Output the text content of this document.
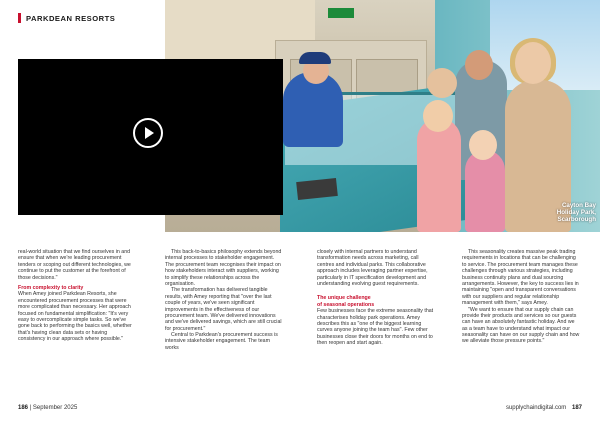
PARKDEAN RESORTS
Cayton Bay
Holiday Park,
Scarborough

real-world situation that we find ourselves in and ensure that when we're leading procurement tenders or scoping out different technologies, we continue to put the customer at the forefront of those decisions."

From complexity to clarity

When Amey joined Parkdean Resorts, she encountered procurement processes that were more complicated than necessary. Her approach focused on fundamental simplification: "It's very easy to overcomplicate simple tasks. So we've gone back to performing the basics well, whether that's having clean data sets or having consistency in our approach where possible."

This back-to-basics philosophy extends beyond internal processes to stakeholder engagement. The procurement team recognises their impact on how stakeholders interact with suppliers, working to simplify these relationships across the organisation.

The transformation has delivered tangible results, with Amey reporting that "over the last couple of years, we've seen significant improvements in the effectiveness of our procurement team. We've delivered innovations and we've delivered savings, which are still crucial for procurement."

Central to Parkdean's procurement success is intensive stakeholder engagement. The team works

closely with internal partners to understand transformation needs across marketing, call centres and individual parks. This collaborative approach includes leveraging partner expertise, particularly in IT specification development and understanding evolving guest requirements.

The unique challenge

of seasonal operations

Few businesses face the extreme seasonality that characterises holiday park operations. Amey describes this as "one of the biggest learning curves anyone joining the team has". Few other businesses close their doors for months on end to then reopen and start again.

This seasonality creates massive peak trading requirements in locations that can be challenging to service. The procurement team manages these challenges through various strategies, including business continuity plans and dual sourcing arrangements. However, the key to success lies in maintaining "open and transparent conversations with our suppliers and regular relationship management with them," says Amey.

"We want to ensure that our supply chain can provide their products and services so our guests can have an absolutely fantastic holiday. And we as a team have to understand what impact our seasonality can have on our supply chain and how we alleviate those pressure points."

186 | September 2025	supplychaindigital.com 187
